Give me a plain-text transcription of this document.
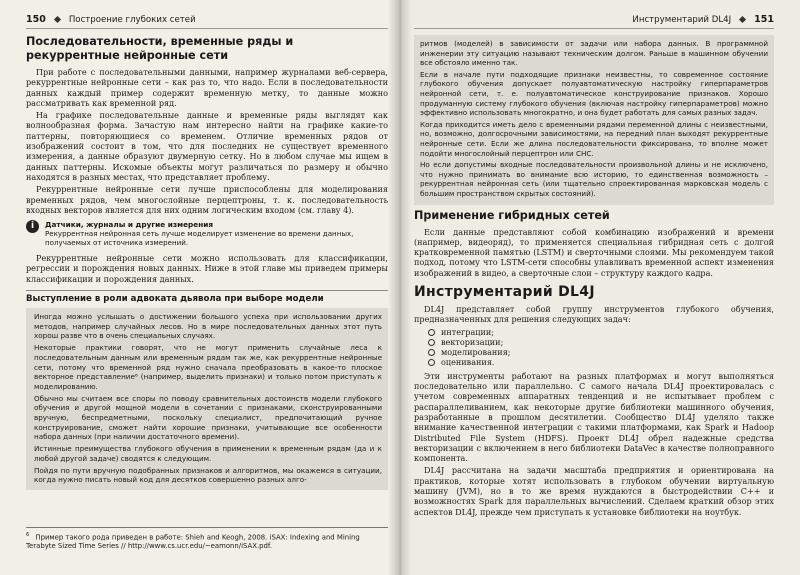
150	Построение глубоких сетей
Последовательности, временные ряды и рекуррентные нейронные сети

При работе с последовательными данными, например журналами веб-сервера, рекуррентные нейронные сети – как раз то, что надо. Если в последовательности данных каждый пример содержит временную метку, то данные можно рассматривать как временной ряд.

На графике последовательные данные и временные ряды выглядят как волнообразная форма. Зачастую нам интересно найти на графике какие-то паттерны, повторяющиеся со временем. Отличие временных рядов от изображений состоит в том, что для последних не существует временного измерения, а данные образуют двумерную сетку. Но в любом случае мы ищем в данных паттерны. Искомые объекты могут различаться по размеру и обычно находятся в разных местах, что представляет проблему.

Рекуррентные нейронные сети лучше приспособлены для моделирования временных рядов, чем многослойные перцептроны, т. к. последовательность входных векторов является для них одним логическим входом (см. главу 4).

i	Датчики, журналы и другие измерения
Рекуррентная нейронная сеть лучше моделирует изменение во времени данных, получаемых от источника измерений.

Рекуррентные нейронные сети можно использовать для классификации, регрессии и порождения новых данных. Ниже в этой главе мы приведем примеры классификации и порождения данных.

Выступление в роли адвоката дьявола при выборе модели

Иногда можно услышать о достижении большого успеха при использовании других методов, например случайных лесов. Но в мире последовательных данных этот путь хорош разве что в очень специальных случаях.

Некоторые практики говорят, что не могут применить случайные леса к последовательным данным или временным рядам так же, как рекуррентные нейронные сети, потому что временной ряд нужно сначала преобразовать в какое-то плоское векторное представление⁶ (например, выделить признаки) и только потом приступать к моделированию.

Обычно мы считаем все споры по поводу сравнительных достоинств модели глубокого обучения и другой мощной модели в сочетании с признаками, сконструированными вручную, беспредметными, поскольку специалист, предпочитающий ручное конструирование, сможет найти хорошие признаки, учитывающие все особенности набора данных (при наличии достаточного времени).

Истинные преимущества глубокого обучения в применении к временным рядам (да и к любой другой задаче) сводятся к следующим.

Пойдя по пути вручную подобранных признаков и алгоритмов, мы окажемся в ситуации, когда нужно писать новый код для десятков совершенно разных алго-

$^6$ Пример такого рода приведен в работе: Shieh and Keogh, 2008. iSAX: Indexing and Mining Terabyte Sized Time Series // http://www.cs.ucr.edu/~eamonn/iSAX.pdf.
Инструментарий DL4J 151

ритмов (моделей) в зависимости от задачи или набора данных. В программной инженерии эту ситуацию называют техническим долгом. Раньше в машинном обучении все обстояло именно так.

Если в начале пути подходящие признаки неизвестны, то современное состояние глубокого обучения допускает полуавтоматическую настройку гиперпараметров нейронной сети, т. е. полуавтоматическое конструирование признаков. Хорошо продуманную систему глубокого обучения (включая настройку гиперпараметров) можно эффективно использовать многократно, и она будет работать для самых разных задач.

Когда приходится иметь дело с временными рядами переменной длины с неизвестными, но, возможно, долгосрочными зависимостями, на передний план выходят рекуррентные нейронные сети. Если же длина последовательности фиксирована, то вполне может подойти многослойный перцептрон или СНС.

Но если допустимы входные последовательности произвольной длины и не исключено, что нужно принимать во внимание всю историю, то единственная возможность – рекуррентная нейронная сеть (или тщательно спроектированная марковская модель с большим пространством скрытых состояний).

Применение гибридных сетей

Если данные представляют собой комбинацию изображений и времени (например, видеоряд), то применяется специальная гибридная сеть с долгой кратковременной памятью (LSTM) и сверточными слоями. Мы рекомендуем такой подход, потому что LSTM-сети способны улавливать временной аспект изменения изображений в видео, а сверточные слои – структуру каждого кадра.

Инструментарий DL4J

DL4J представляет собой группу инструментов глубокого обучения, предназначенных для решения следующих задач:

интеграции;
векторизации;
моделирования;
оценивания.

Эти инструменты работают на разных платформах и могут выполняться последовательно или параллельно. С самого начала DL4J проектировалась с учетом современных аппаратных тенденций и не испытывает проблем с распараллеливанием, как некоторые другие библиотеки машинного обучения, разработанные в прошлом десятилетии. Сообщество DL4J уделяло также внимание качественной интеграции с такими платформами, как Spark и Hadoop Distributed File System (HDFS). Проект DL4J обрел надежные средства векторизации с включением в него библиотеки DataVec в качестве полноправного компонента.

DL4J рассчитана на задачи масштаба предприятия и ориентирована на практиков, которые хотят использовать в глубоком обучении виртуальную машину (JVM), но в то же время нуждаются в быстродействии C++ и возможностях Spark для параллельных вычислений. Сделаем краткий обзор этих аспектов DL4J, прежде чем приступать к установке библиотеки на ноутбук.
